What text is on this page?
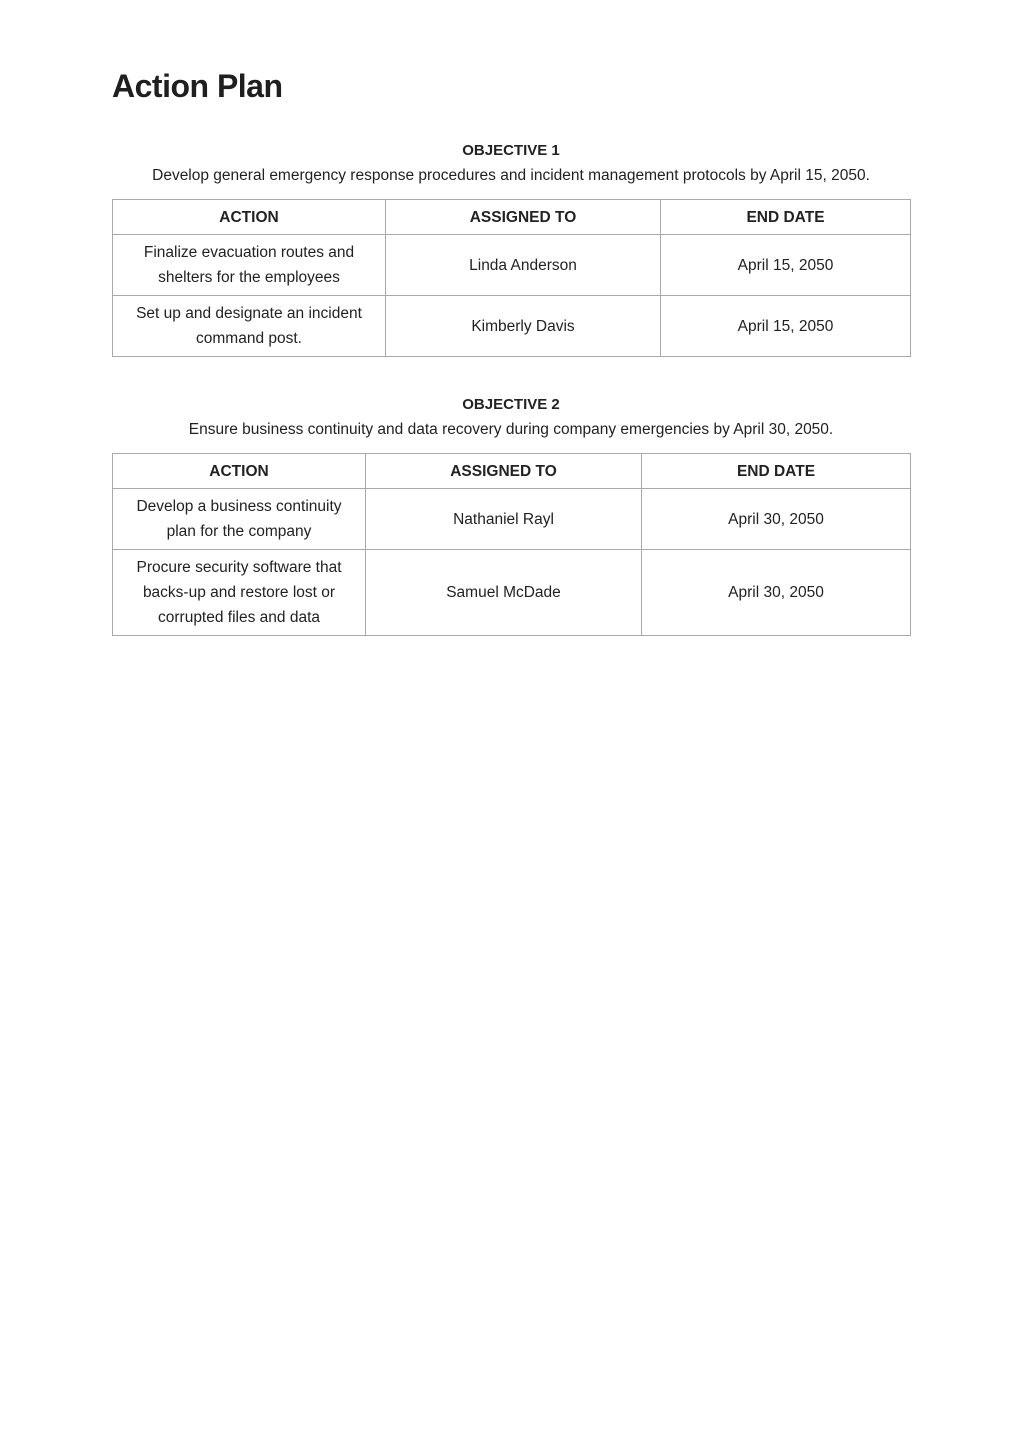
Action Plan
OBJECTIVE 1
Develop general emergency response procedures and incident management protocols by April 15, 2050.
ACTION	ASSIGNED TO	END DATE
Finalize evacuation routes and shelters for the employees	Linda Anderson	April 15, 2050
Set up and designate an incident command post.	Kimberly Davis	April 15, 2050
OBJECTIVE 2
Ensure business continuity and data recovery during company emergencies by April 30, 2050.
ACTION	ASSIGNED TO	END DATE
Develop a business continuity plan for the company	Nathaniel Rayl	April 30, 2050
Procure security software that backs-up and restore lost or corrupted files and data	Samuel McDade	April 30, 2050
